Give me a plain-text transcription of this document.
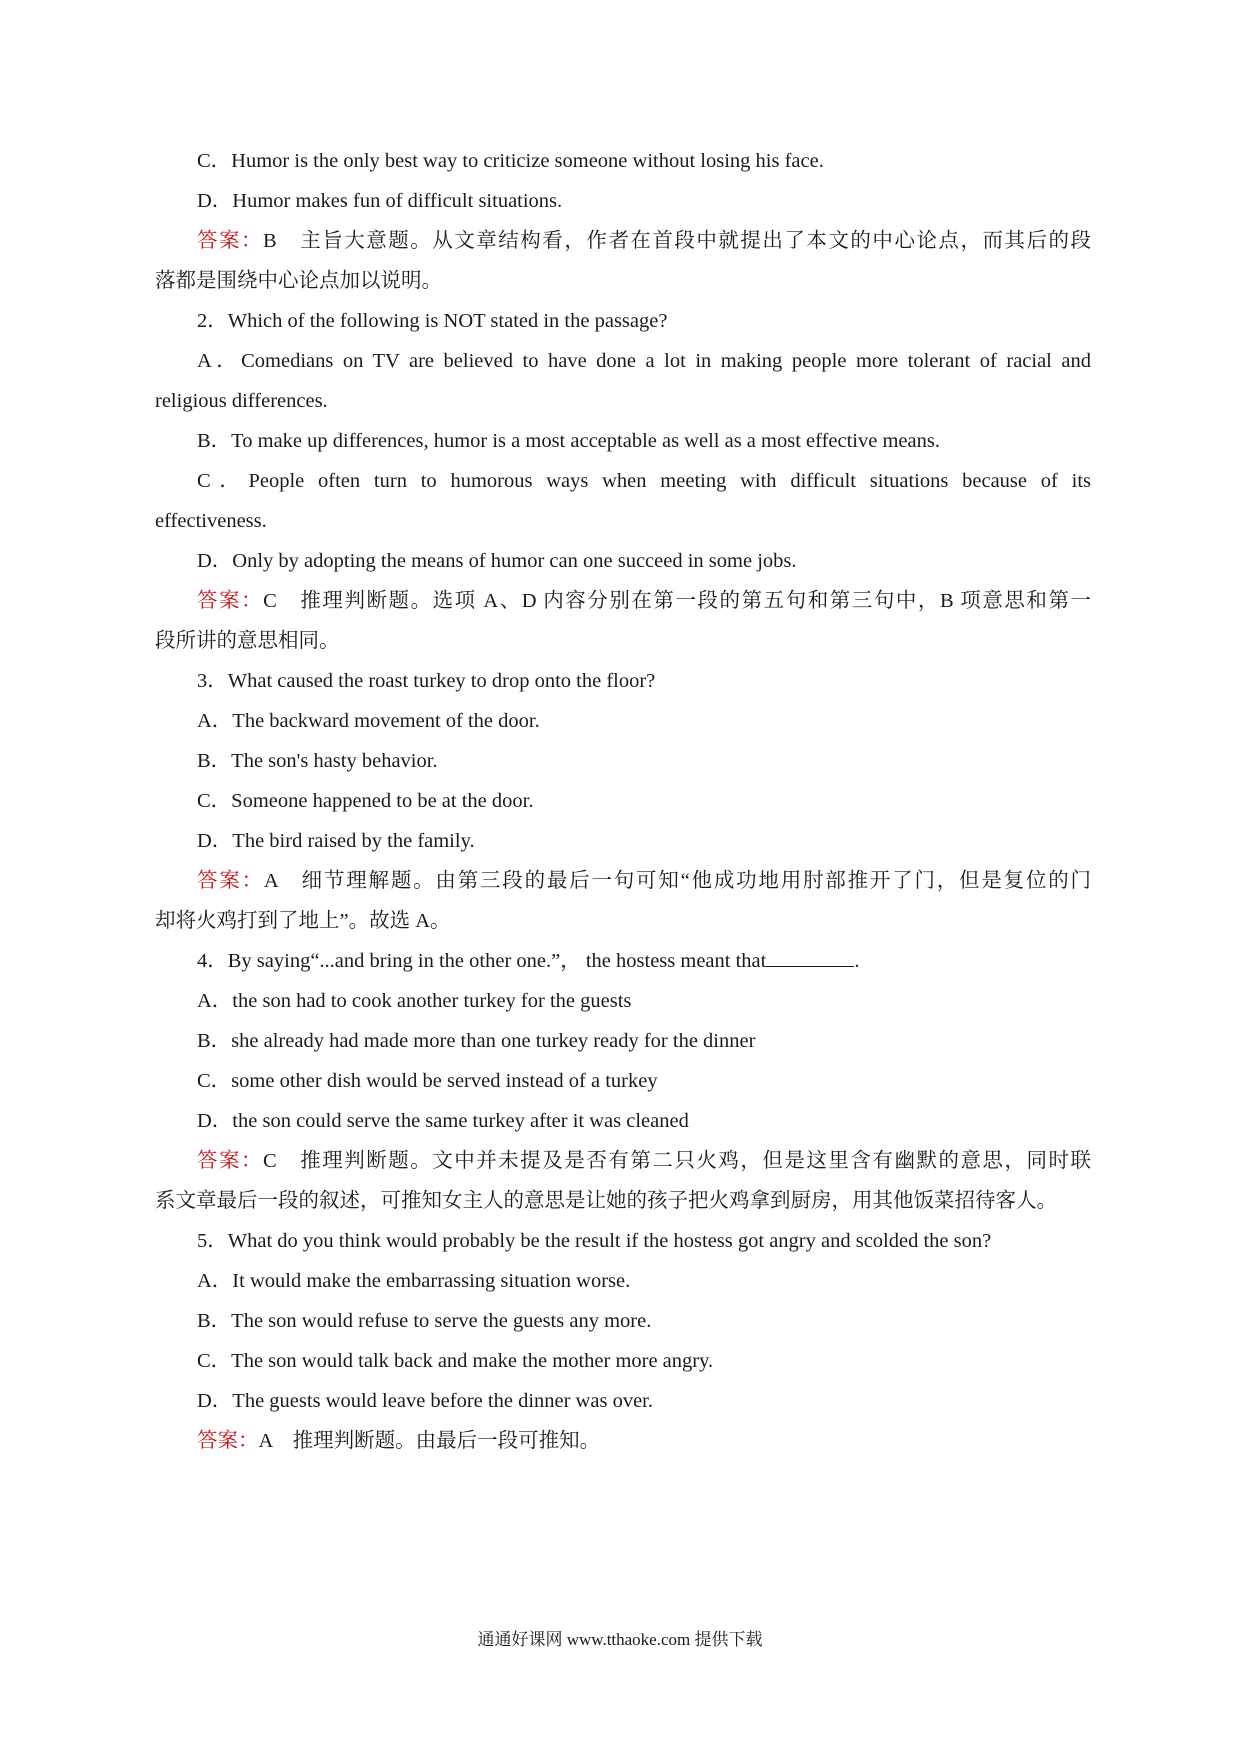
C．Humor is the only best way to criticize someone without losing his face.
D．Humor makes fun of difficult situations.
答案：B　主旨大意题。从文章结构看，作者在首段中就提出了本文的中心论点，而其后的段
落都是围绕中心论点加以说明。
2．Which of the following is NOT stated in the passage?
A．Comedians on TV are believed to have done a lot in making people more tolerant of racial and
religious differences.
B．To make up differences, humor is a most acceptable as well as a most effective means.
C．People often turn to humorous ways when meeting with difficult situations because of its
effectiveness.
D．Only by adopting the means of humor can one succeed in some jobs.
答案：C　推理判断题。选项 A、D 内容分别在第一段的第五句和第三句中，B 项意思和第一
段所讲的意思相同。
3．What caused the roast turkey to drop onto the floor?
A．The backward movement of the door.
B．The son's hasty behavior.
C．Someone happened to be at the door.
D．The bird raised by the family.
答案：A　细节理解题。由第三段的最后一句可知“他成功地用肘部推开了门，但是复位的门
却将火鸡打到了地上”。故选 A。
4．By saying“...and bring in the other one.”， the hostess meant that	.
A．the son had to cook another turkey for the guests
B．she already had made more than one turkey ready for the dinner
C．some other dish would be served instead of a turkey
D．the son could serve the same turkey after it was cleaned
答案：C　推理判断题。文中并未提及是否有第二只火鸡，但是这里含有幽默的意思，同时联
系文章最后一段的叙述，可推知女主人的意思是让她的孩子把火鸡拿到厨房，用其他饭菜招待客人。
5．What do you think would probably be the result if the hostess got angry and scolded the son?
A．It would make the embarrassing situation worse.
B．The son would refuse to serve the guests any more.
C．The son would talk back and make the mother more angry.
D．The guests would leave before the dinner was over.
答案：A　推理判断题。由最后一段可推知。
通通好课网 www.tthaoke.com 提供下载
